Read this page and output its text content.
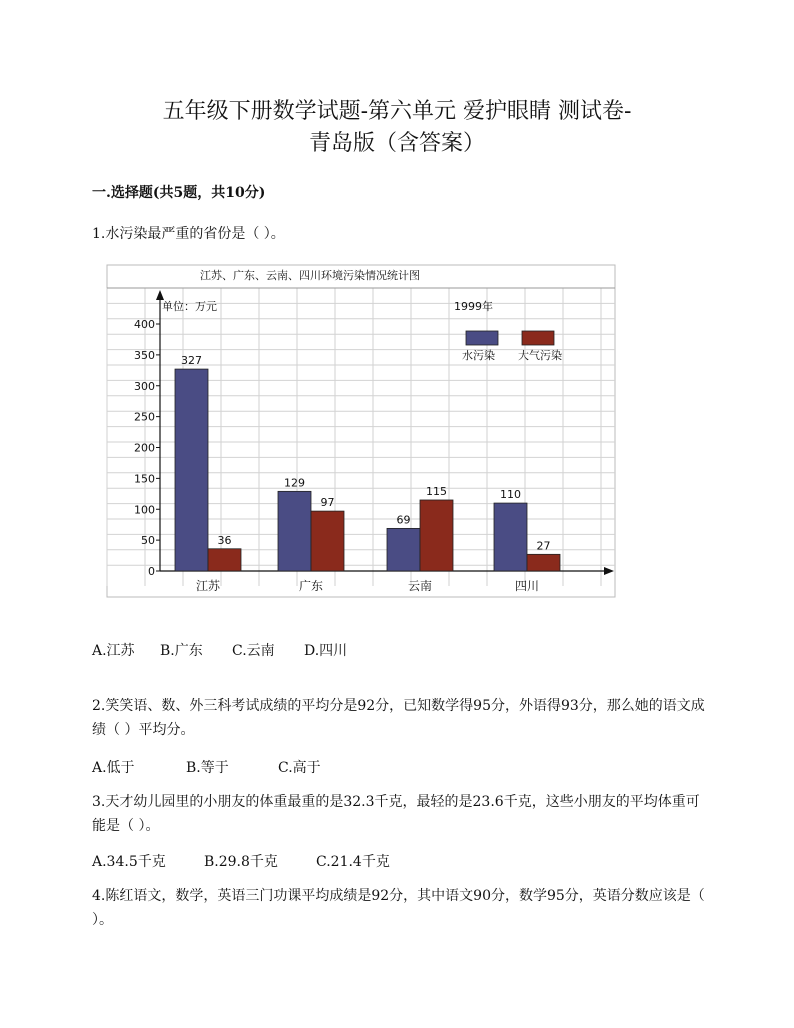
五年级下册数学试题-第六单元 爱护眼睛 测试卷-
青岛版（含答案）
一.选择题(共5题，共10分)
1.水污染最严重的省份是（ ）。
江苏、广东、云南、四川环境污染情况统计图
单位：万元	1999年
0
50
100
150
200
250
300
350
400
327
36
129
97
69
115	110
27
江苏	广东	云南	四川
水污染 大气污染
A.江苏 B.广东 C.云南 D.四川
2.笑笑语、数、外三科考试成绩的平均分是92分，已知数学得95分，外语得93分，那么她的语文成绩（ ）平均分。
A.低于	B.等于	C.高于
3.天才幼儿园里的小朋友的体重最重的是32.3千克，最轻的是23.6千克，这些小朋友的平均体重可能是（ ）。
A.34.5千克	B.29.8千克	C.21.4千克
4.陈红语文，数学，英语三门功课平均成绩是92分，其中语文90分，数学95分，英语分数应该是（ ）。
